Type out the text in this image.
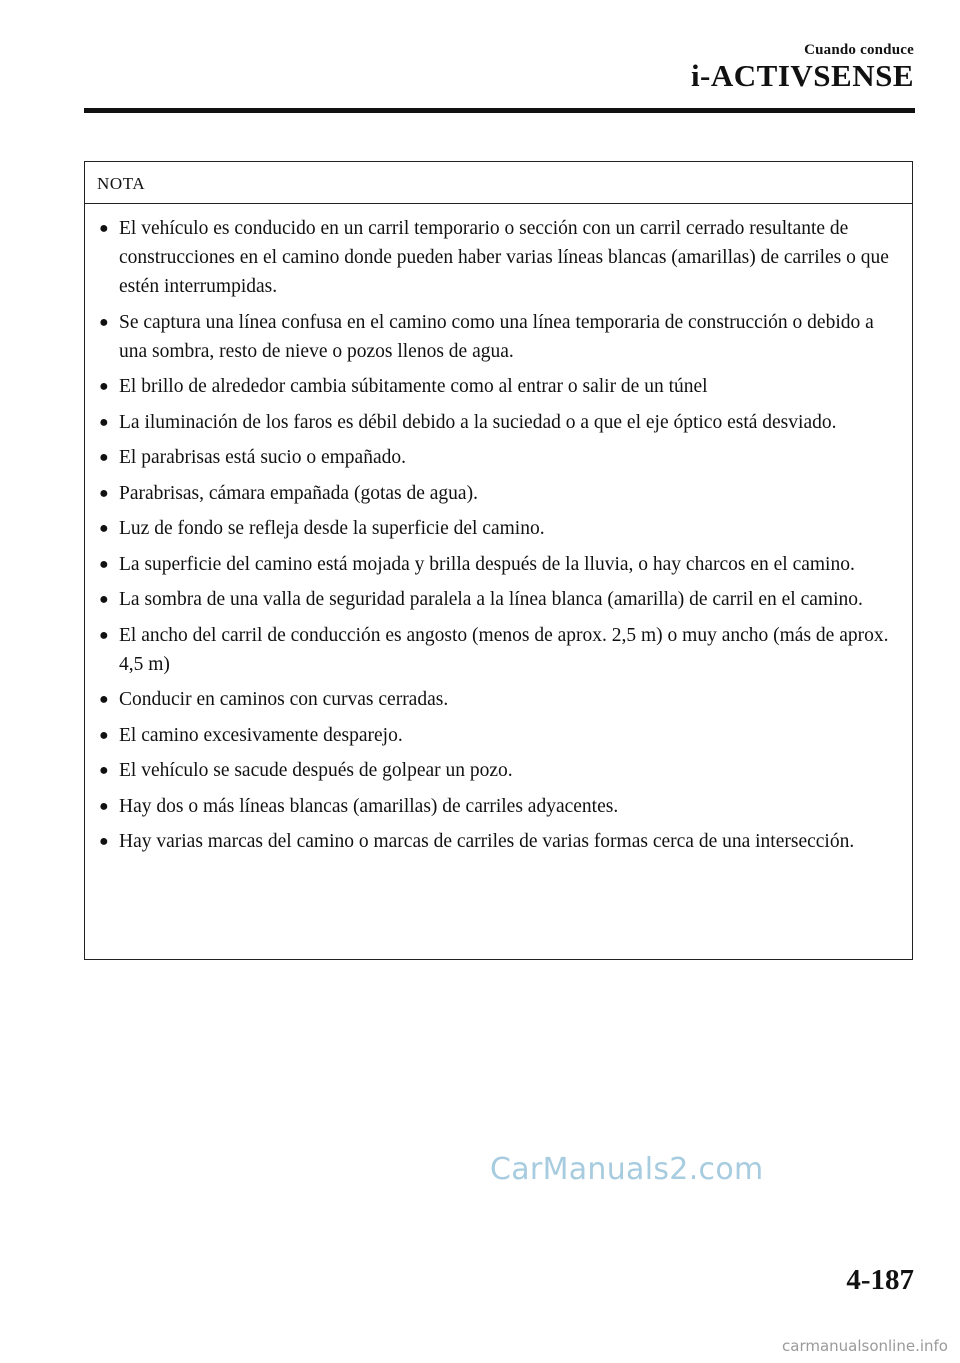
Cuando conduce
i-ACTIVSENSE
NOTA
● El vehículo es conducido en un carril temporario o sección con un carril cerrado resultante de construcciones en el camino donde pueden haber varias líneas blancas (amarillas) de carriles o que estén interrumpidas.
● Se captura una línea confusa en el camino como una línea temporaria de construcción o debido a una sombra, resto de nieve o pozos llenos de agua.
● El brillo de alrededor cambia súbitamente como al entrar o salir de un túnel
● La iluminación de los faros es débil debido a la suciedad o a que el eje óptico está desviado.
● El parabrisas está sucio o empañado.
● Parabrisas, cámara empañada (gotas de agua).
● Luz de fondo se refleja desde la superficie del camino.
● La superficie del camino está mojada y brilla después de la lluvia, o hay charcos en el camino.
● La sombra de una valla de seguridad paralela a la línea blanca (amarilla) de carril en el camino.
● El ancho del carril de conducción es angosto (menos de aprox. 2,5 m) o muy ancho (más de aprox. 4,5 m)
● Conducir en caminos con curvas cerradas.
● El camino excesivamente desparejo.
● El vehículo se sacude después de golpear un pozo.
● Hay dos o más líneas blancas (amarillas) de carriles adyacentes.
● Hay varias marcas del camino o marcas de carriles de varias formas cerca de una intersección.
CarManuals2.com
4-187
carmanualsonline.info
